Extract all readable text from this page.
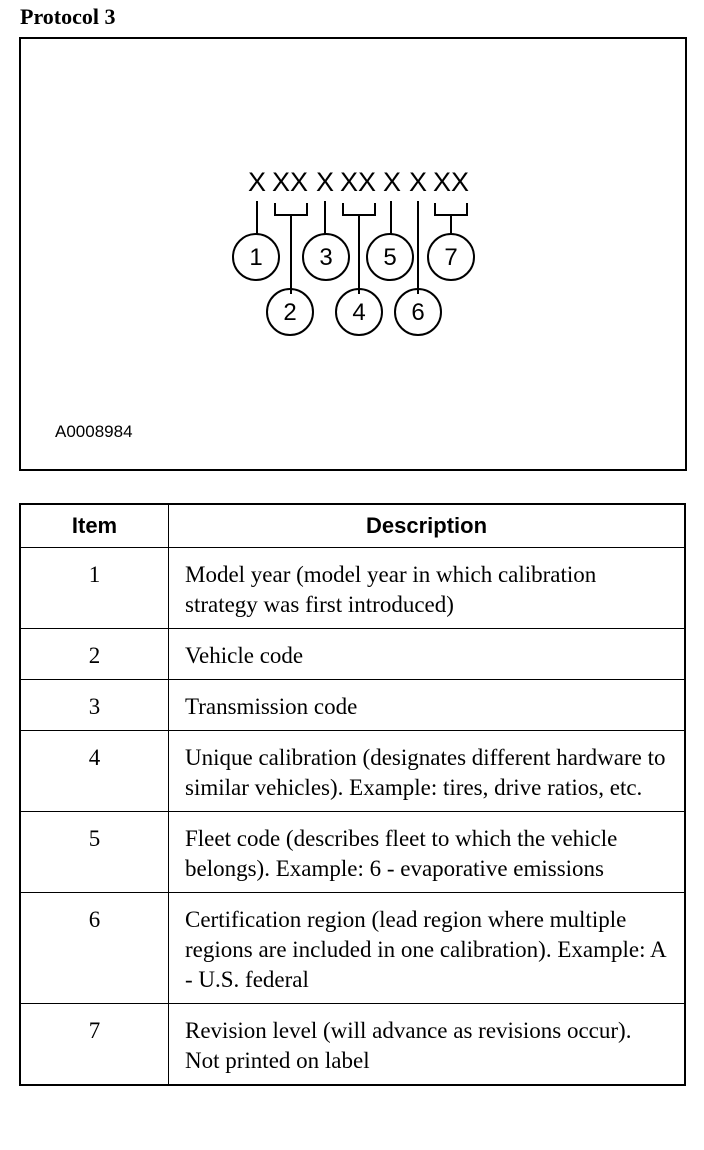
Protocol 3
X XX X XX X X XX
1
2
3
4
5
6
7
A0008984
Item	Description
1	Model year (model year in which calibration strategy was first introduced)
2	Vehicle code
3	Transmission code
4	Unique calibration (designates different hardware to similar vehicles). Example: tires, drive ratios, etc.
5	Fleet code (describes fleet to which the vehicle belongs). Example: 6 - evaporative emissions
6	Certification region (lead region where multiple regions are included in one calibration). Example: A - U.S. federal
7	Revision level (will advance as revisions occur). Not printed on label
